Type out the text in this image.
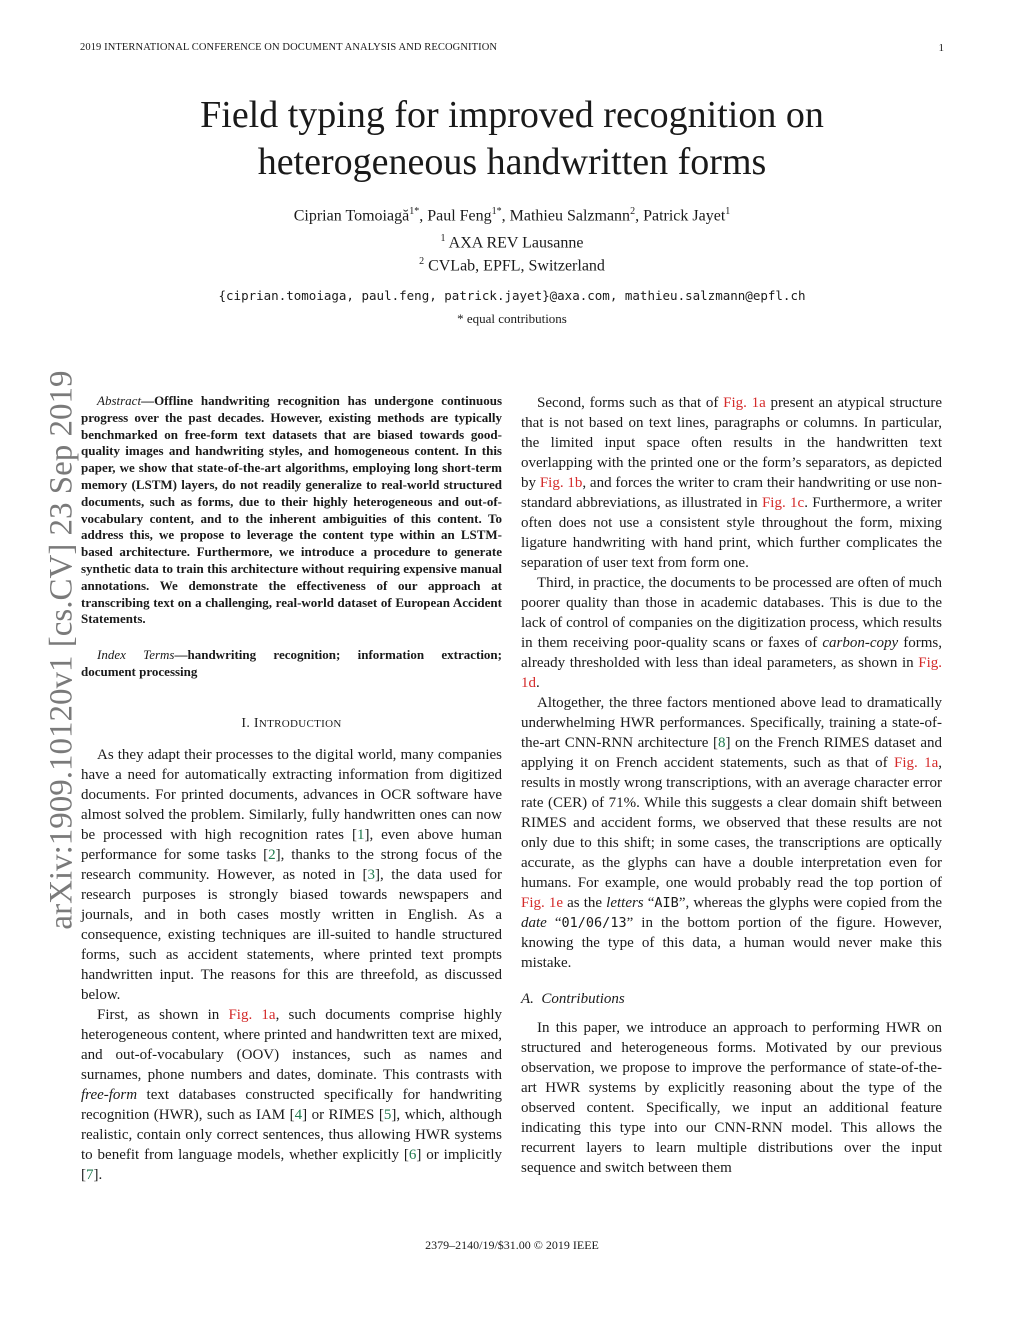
2019 INTERNATIONAL CONFERENCE ON DOCUMENT ANALYSIS AND RECOGNITION	1
Field typing for improved recognition on
heterogeneous handwritten forms
Ciprian Tomoiagă$^{1*}$, Paul Feng$^{1*}$, Mathieu Salzmann$^2$, Patrick Jayet$^1$
$^1$ AXA REV Lausanne
$^2$ CVLab, EPFL, Switzerland
{ciprian.tomoiaga, paul.feng, patrick.jayet}@axa.com, mathieu.salzmann@epfl.ch
* equal contributions
arXiv:1909.10120v1 [cs.CV] 23 Sep 2019	Abstract—Offline handwriting recognition has undergone continuous progress over the past decades. However, existing methods are typically benchmarked on free-form text datasets that are biased towards good-quality images and handwriting styles, and homogeneous content. In this paper, we show that state-of-the-art algorithms, employing long short-term memory (LSTM) layers, do not readily generalize to real-world structured documents, such as forms, due to their highly heterogeneous and out-of-vocabulary content, and to the inherent ambiguities of this content. To address this, we propose to leverage the content type within an LSTM-based architecture. Furthermore, we introduce a procedure to generate synthetic data to train this architecture without requiring expensive manual annotations. We demonstrate the effectiveness of our approach at transcribing text on a challenging, real-world dataset of European Accident Statements.

Index Terms—handwriting recognition; information extraction; document processing

I. INTRODUCTION

As they adapt their processes to the digital world, many companies have a need for automatically extracting information from digitized documents. For printed documents, advances in OCR software have almost solved the problem. Similarly, fully handwritten ones can now be processed with high recognition rates [1], even above human performance for some tasks [2], thanks to the strong focus of the research community. However, as noted in [3], the data used for research purposes is strongly biased towards newspapers and journals, and in both cases mostly written in English. As a consequence, existing techniques are ill-suited to handle structured forms, such as accident statements, where printed text prompts handwritten input. The reasons for this are threefold, as discussed below.

First, as shown in Fig. 1a, such documents comprise highly heterogeneous content, where printed and handwritten text are mixed, and out-of-vocabulary (OOV) instances, such as names and surnames, phone numbers and dates, dominate. This contrasts with free-form text databases constructed specifically for handwriting recognition (HWR), such as IAM [4] or RIMES [5], which, although realistic, contain only correct sentences, thus allowing HWR systems to benefit from language models, whether explicitly [6] or implicitly [7].

Second, forms such as that of Fig. 1a present an atypical structure that is not based on text lines, paragraphs or columns. In particular, the limited input space often results in the handwritten text overlapping with the printed one or the form’s separators, as depicted by Fig. 1b, and forces the writer to cram their handwriting or use non-standard abbreviations, as illustrated in Fig. 1c. Furthermore, a writer often does not use a consistent style throughout the form, mixing ligature handwriting with hand print, which further complicates the separation of user text from form one.

Third, in practice, the documents to be processed are often of much poorer quality than those in academic databases. This is due to the lack of control of companies on the digitization process, which results in them receiving poor-quality scans or faxes of carbon-copy forms, already thresholded with less than ideal parameters, as shown in Fig. 1d.

Altogether, the three factors mentioned above lead to dramatically underwhelming HWR performances. Specifically, training a state-of-the-art CNN-RNN architecture [8] on the French RIMES dataset and applying it on French accident statements, such as that of Fig. 1a, results in mostly wrong transcriptions, with an average character error rate (CER) of 71%. While this suggests a clear domain shift between RIMES and accident forms, we observed that these results are not only due to this shift; in some cases, the transcriptions are optically accurate, as the glyphs can have a double interpretation even for humans. For example, one would probably read the top portion of Fig. 1e as the letters “AIB”, whereas the glyphs were copied from the date “01/06/13” in the bottom portion of the figure. However, knowing the type of this data, a human would never make this mistake.

A. Contributions

In this paper, we introduce an approach to performing HWR on structured and heterogeneous forms. Motivated by our previous observation, we propose to improve the performance of state-of-the-art HWR systems by explicitly reasoning about the type of the observed content. Specifically, we input an additional feature indicating this type into our CNN-RNN model. This allows the recurrent layers to learn multiple distributions over the input sequence and switch between them

2379–2140/19/$31.00 © 2019 IEEE
